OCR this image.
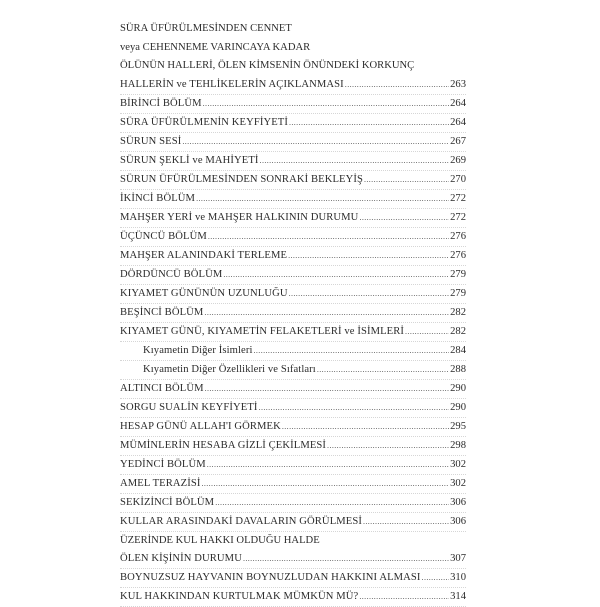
SÜRA ÜFÜRÜLMESİNDEN CENNET
veya CEHENNEME VARINCAYA KADAR
ÖLÜNÜN HALLERİ, ÖLEN KİMSENİN ÖNÜNDEKİ KORKUNÇ
HALLERİN ve TEHLİKELERİN AÇIKLANMASI .....	263
BİRİNCİ BÖLÜM .....	264
SÜRA ÜFÜRÜLMENİN KEYFİYETİ .....	264
SÜRUN SESİ .....	267
SÜRUN ŞEKLİ ve MAHİYETİ .....	269
SÜRUN ÜFÜRÜLMESİNDEN SONRAKİ BEKLEYİŞ .....	270
İKİNCİ BÖLÜM .....	272
MAHŞER YERİ ve MAHŞER HALKININ DURUMU .....	272
ÜÇÜNCÜ BÖLÜM .....	276
MAHŞER ALANINDAKİ TERLEME .....	276
DÖRDÜNCÜ BÖLÜM .....	279
KIYAMET GÜNÜNÜN UZUNLUĞU .....	279
BEŞİNCİ BÖLÜM .....	282
KIYAMET GÜNÜ, KIYAMETİN FELAKETLERİ ve İSİMLERİ .....	282
Kıyametin Diğer İsimleri .....	284
Kıyametin Diğer Özellikleri ve Sıfatları .....	288
ALTINCI BÖLÜM .....	290
SORGU SUALİN KEYFİYETİ .....	290
HESAP GÜNÜ ALLAH'I GÖRMEK .....	295
MÜMİNLERİN HESABA GİZLİ ÇEKİLMESİ .....	298
YEDİNCİ BÖLÜM .....	302
AMEL TERAZİSİ .....	302
SEKİZİNCİ BÖLÜM .....	306
KULLAR ARASINDAKİ DAVALARIN GÖRÜLMESİ .....	306
ÜZERİNDE KUL HAKKI OLDUĞU HALDE
ÖLEN KİŞİNİN DURUMU .....	307
BOYNUZSUZ HAYVANIN BOYNUZLUDAN HAKKINI ALMASI .....	310
KUL HAKKINDAN KURTULMAK MÜMKÜN MÜ? .....	314
